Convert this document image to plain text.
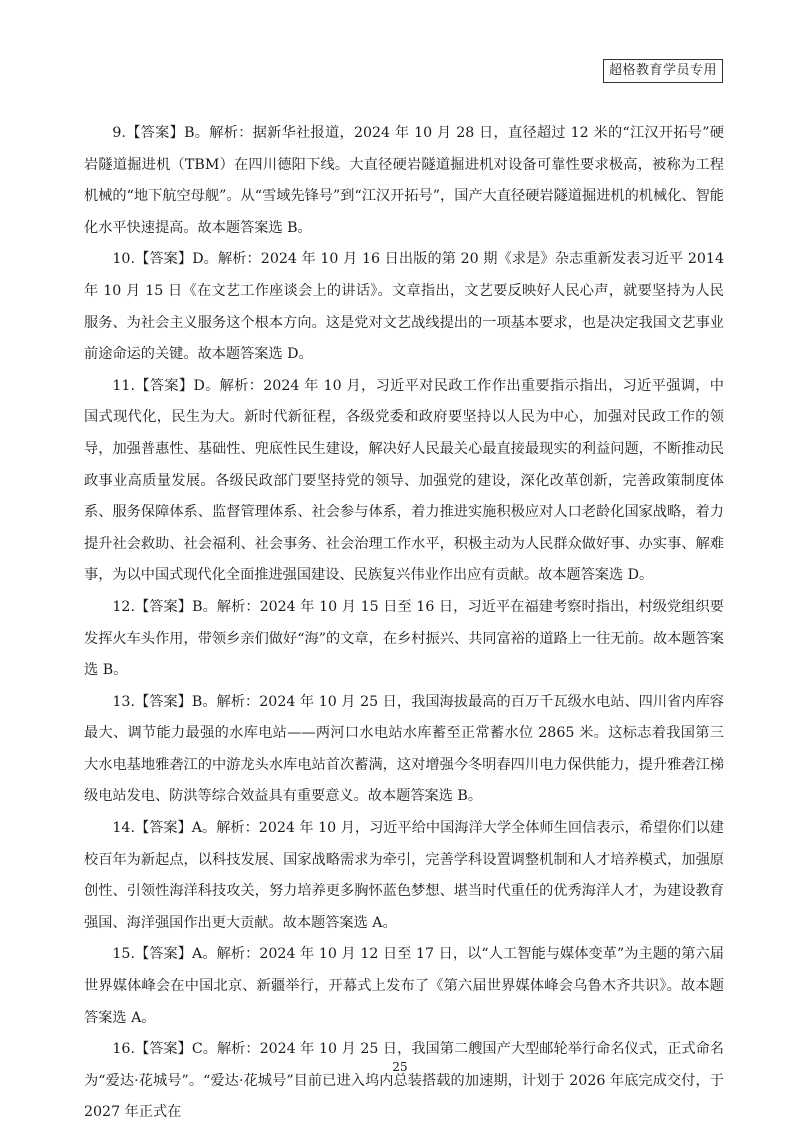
超格教育学员专用

9.【答案】B。解析：据新华社报道，2024 年 10 月 28 日，直径超过 12 米的“江汉开拓号”硬岩隧道掘进机（TBM）在四川德阳下线。大直径硬岩隧道掘进机对设备可靠性要求极高，被称为工程机械的“地下航空母舰”。从“雪域先锋号”到“江汉开拓号”，国产大直径硬岩隧道掘进机的机械化、智能化水平快速提高。故本题答案选 B。

10.【答案】D。解析：2024 年 10 月 16 日出版的第 20 期《求是》杂志重新发表习近平 2014 年 10 月 15 日《在文艺工作座谈会上的讲话》。文章指出，文艺要反映好人民心声，就要坚持为人民服务、为社会主义服务这个根本方向。这是党对文艺战线提出的一项基本要求，也是决定我国文艺事业前途命运的关键。故本题答案选 D。

11.【答案】D。解析：2024 年 10 月，习近平对民政工作作出重要指示指出，习近平强调，中国式现代化，民生为大。新时代新征程，各级党委和政府要坚持以人民为中心，加强对民政工作的领导，加强普惠性、基础性、兜底性民生建设，解决好人民最关心最直接最现实的利益问题，不断推动民政事业高质量发展。各级民政部门要坚持党的领导、加强党的建设，深化改革创新，完善政策制度体系、服务保障体系、监督管理体系、社会参与体系，着力推进实施积极应对人口老龄化国家战略，着力提升社会救助、社会福利、社会事务、社会治理工作水平，积极主动为人民群众做好事、办实事、解难事，为以中国式现代化全面推进强国建设、民族复兴伟业作出应有贡献。故本题答案选 D。

12.【答案】B。解析：2024 年 10 月 15 日至 16 日，习近平在福建考察时指出，村级党组织要发挥火车头作用，带领乡亲们做好“海”的文章，在乡村振兴、共同富裕的道路上一往无前。故本题答案选 B。

13.【答案】B。解析：2024 年 10 月 25 日，我国海拔最高的百万千瓦级水电站、四川省内库容最大、调节能力最强的水库电站——两河口水电站水库蓄至正常蓄水位 2865 米。这标志着我国第三大水电基地雅砻江的中游龙头水库电站首次蓄满，这对增强今冬明春四川电力保供能力，提升雅砻江梯级电站发电、防洪等综合效益具有重要意义。故本题答案选 B。

14.【答案】A。解析：2024 年 10 月，习近平给中国海洋大学全体师生回信表示，希望你们以建校百年为新起点，以科技发展、国家战略需求为牵引，完善学科设置调整机制和人才培养模式，加强原创性、引领性海洋科技攻关，努力培养更多胸怀蓝色梦想、堪当时代重任的优秀海洋人才，为建设教育强国、海洋强国作出更大贡献。故本题答案选 A。

15.【答案】A。解析：2024 年 10 月 12 日至 17 日，以“人工智能与媒体变革”为主题的第六届世界媒体峰会在中国北京、新疆举行，开幕式上发布了《第六届世界媒体峰会乌鲁木齐共识》。故本题答案选 A。

16.【答案】C。解析：2024 年 10 月 25 日，我国第二艘国产大型邮轮举行命名仪式，正式命名为“爱达·花城号”。“爱达·花城号”目前已进入坞内总装搭载的加速期，计划于 2026 年底完成交付，于 2027 年正式在

25
